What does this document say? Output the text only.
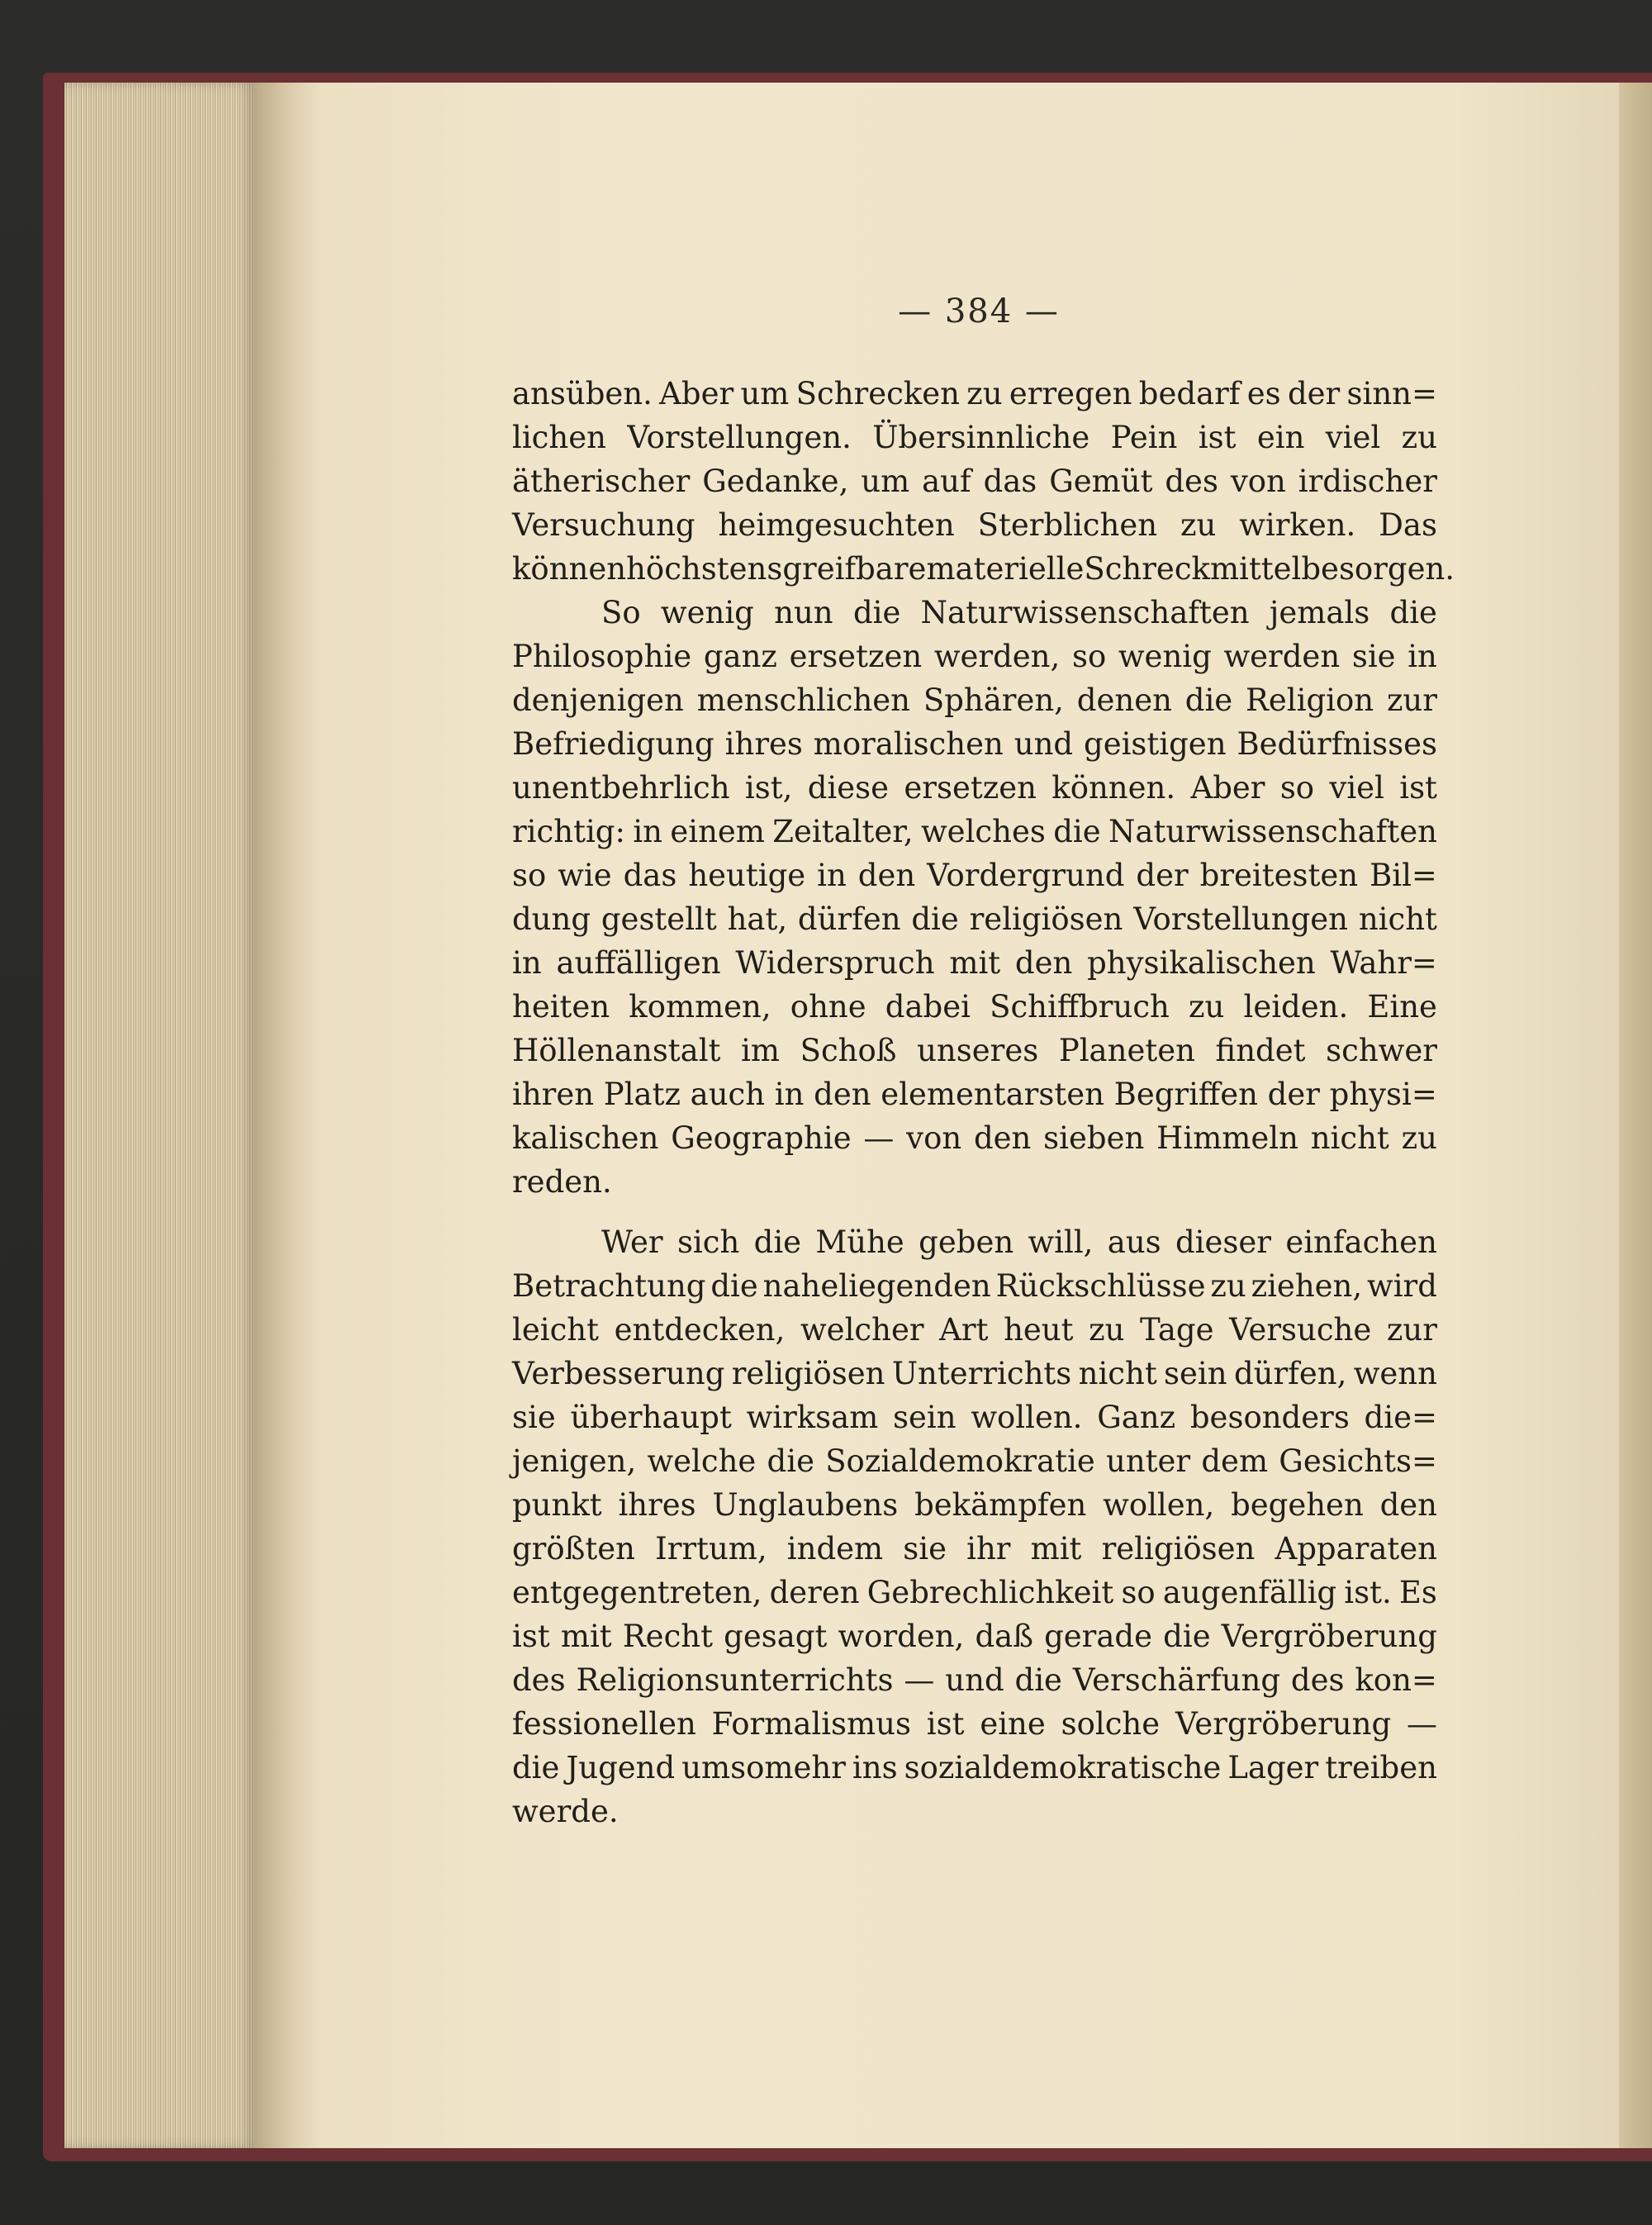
— 384 —
ansüben. Aber um Schrecken zu erregen bedarf es der sinn=
lichen Vorstellungen. Übersinnliche Pein ist ein viel zu
ätherischer Gedanke, um auf das Gemüt des von irdischer
Versuchung heimgesuchten Sterblichen zu wirken. Das
können höchstens greifbare materielle Schreckmittel besorgen.
So wenig nun die Naturwissenschaften jemals die
Philosophie ganz ersetzen werden, so wenig werden sie in
denjenigen menschlichen Sphären, denen die Religion zur
Befriedigung ihres moralischen und geistigen Bedürfnisses
unentbehrlich ist, diese ersetzen können. Aber so viel ist
richtig: in einem Zeitalter, welches die Naturwissenschaften
so wie das heutige in den Vordergrund der breitesten Bil=
dung gestellt hat, dürfen die religiösen Vorstellungen nicht
in auffälligen Widerspruch mit den physikalischen Wahr=
heiten kommen, ohne dabei Schiffbruch zu leiden. Eine
Höllenanstalt im Schoß unseres Planeten findet schwer
ihren Platz auch in den elementarsten Begriffen der physi=
kalischen Geographie — von den sieben Himmeln nicht zu
reden.
Wer sich die Mühe geben will, aus dieser einfachen
Betrachtung die naheliegenden Rückschlüsse zu ziehen, wird
leicht entdecken, welcher Art heut zu Tage Versuche zur
Verbesserung religiösen Unterrichts nicht sein dürfen, wenn
sie überhaupt wirksam sein wollen. Ganz besonders die=
jenigen, welche die Sozialdemokratie unter dem Gesichts=
punkt ihres Unglaubens bekämpfen wollen, begehen den
größten Irrtum, indem sie ihr mit religiösen Apparaten
entgegentreten, deren Gebrechlichkeit so augenfällig ist. Es
ist mit Recht gesagt worden, daß gerade die Vergröberung
des Religionsunterrichts — und die Verschärfung des kon=
fessionellen Formalismus ist eine solche Vergröberung —
die Jugend umsomehr ins sozialdemokratische Lager treiben
werde.
